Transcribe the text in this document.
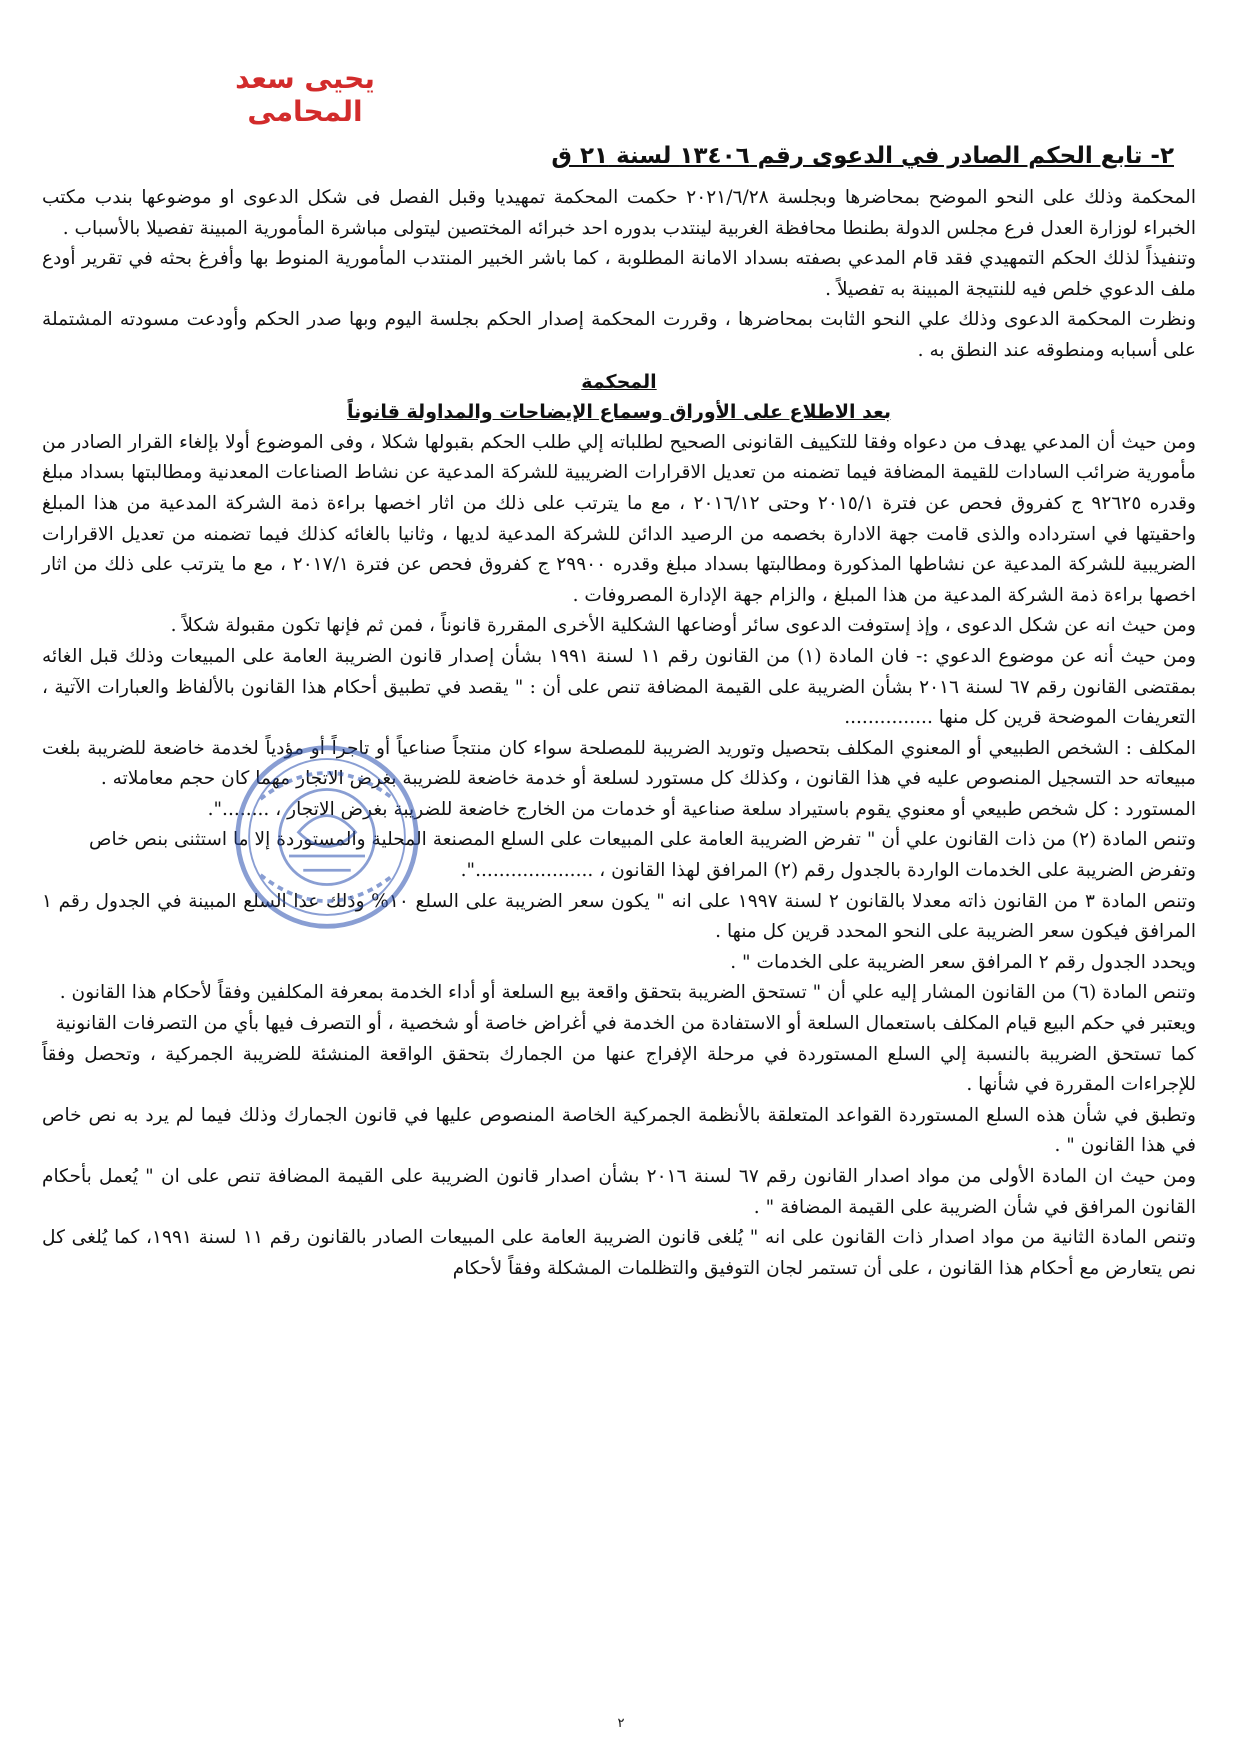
يحيى سعد المحامى
٢- تابع الحكم الصادر في الدعوى رقم ١٣٤٠٦ لسنة ٢١ ق

المحكمة وذلك على النحو الموضح بمحاضرها وبجلسة ٢٠٢١/٦/٢٨ حكمت المحكمة تمهيديا وقبل الفصل فى شكل الدعوى او موضوعها بندب مكتب الخبراء لوزارة العدل فرع مجلس الدولة بطنطا محافظة الغربية لينتدب بدوره احد خبرائه المختصين ليتولى مباشرة المأمورية المبينة تفصيلا بالأسباب .

وتنفيذاً لذلك الحكم التمهيدي فقد قام المدعي بصفته بسداد الامانة المطلوبة ، كما باشر الخبير المنتدب المأمورية المنوط بها وأفرغ بحثه في تقرير أودع ملف الدعوي خلص فيه للنتيجة المبينة به تفصيلاً .

ونظرت المحكمة الدعوى وذلك علي النحو الثابت بمحاضرها ، وقررت المحكمة إصدار الحكم بجلسة اليوم وبها صدر الحكم وأودعت مسودته المشتملة على أسبابه ومنطوقه عند النطق به .

المحكمة

بعد الاطلاع على الأوراق وسماع الإيضاحات والمداولة قانوناً

ومن حيث أن المدعي يهدف من دعواه وفقا للتكييف القانونى الصحيح لطلباته إلي طلب الحكم بقبولها شكلا ، وفى الموضوع أولا بإلغاء القرار الصادر من مأمورية ضرائب السادات للقيمة المضافة فيما تضمنه من تعديل الاقرارات الضريبية للشركة المدعية عن نشاط الصناعات المعدنية ومطالبتها بسداد مبلغ وقدره ٩٢٦٢٥ ج كفروق فحص عن فترة ٢٠١٥/١ وحتى ٢٠١٦/١٢ ، مع ما يترتب على ذلك من اثار اخصها براءة ذمة الشركة المدعية من هذا المبلغ واحقيتها في استرداده والذى قامت جهة الادارة بخصمه من الرصيد الدائن للشركة المدعية لديها ، وثانيا بالغائه كذلك فيما تضمنه من تعديل الاقرارات الضريبية للشركة المدعية عن نشاطها المذكورة ومطالبتها بسداد مبلغ وقدره ٢٩٩٠٠ ج كفروق فحص عن فترة ٢٠١٧/١ ، مع ما يترتب على ذلك من اثار اخصها براءة ذمة الشركة المدعية من هذا المبلغ ، والزام جهة الإدارة المصروفات .

ومن حيث انه عن شكل الدعوى ، وإذ إستوفت الدعوى سائر أوضاعها الشكلية الأخرى المقررة قانوناً ، فمن ثم فإنها تكون مقبولة شكلاً .

ومن حيث أنه عن موضوع الدعوي :- فان المادة (١) من القانون رقم ١١ لسنة ١٩٩١ بشأن إصدار قانون الضريبة العامة على المبيعات وذلك قبل الغائه بمقتضى القانون رقم ٦٧ لسنة ٢٠١٦ بشأن الضريبة على القيمة المضافة تنص على أن : " يقصد في تطبيق أحكام هذا القانون بالألفاظ والعبارات الآتية ، التعريفات الموضحة قرين كل منها ...............

المكلف : الشخص الطبيعي أو المعنوي المكلف بتحصيل وتوريد الضريبة للمصلحة سواء كان منتجاً صناعياً أو تاجراً أو مؤدياً لخدمة خاضعة للضريبة بلغت مبيعاته حد التسجيل المنصوص عليه في هذا القانون ، وكذلك كل مستورد لسلعة أو خدمة خاضعة للضريبة بغرض الاتجار مهما كان حجم معاملاته .

المستورد : كل شخص طبيعي أو معنوي يقوم باستيراد سلعة صناعية أو خدمات من الخارج خاضعة للضريبة بغرض الاتجار ، ........".

وتنص المادة (٢) من ذات القانون علي أن " تفرض الضريبة العامة على المبيعات على السلع المصنعة المحلية والمستوردة إلا ما استثنى بنص خاص

وتفرض الضريبة على الخدمات الواردة بالجدول رقم (٢) المرافق لهذا القانون ، ....................".

وتنص المادة ٣ من القانون ذاته معدلا بالقانون ٢ لسنة ١٩٩٧ على انه " يكون سعر الضريبة على السلع ١٠% وذلك عدا السلع المبينة في الجدول رقم ١ المرافق فيكون سعر الضريبة على النحو المحدد قرين كل منها .

ويحدد الجدول رقم ٢ المرافق سعر الضريبة على الخدمات " .

وتنص المادة (٦) من القانون المشار إليه علي أن " تستحق الضريبة بتحقق واقعة بيع السلعة أو أداء الخدمة بمعرفة المكلفين وفقاً لأحكام هذا القانون .

ويعتبر في حكم البيع قيام المكلف باستعمال السلعة أو الاستفادة من الخدمة في أغراض خاصة أو شخصية ، أو التصرف فيها بأي من التصرفات القانونية

كما تستحق الضريبة بالنسبة إلي السلع المستوردة في مرحلة الإفراج عنها من الجمارك بتحقق الواقعة المنشئة للضريبة الجمركية ، وتحصل وفقاً للإجراءات المقررة في شأنها .

وتطبق في شأن هذه السلع المستوردة القواعد المتعلقة بالأنظمة الجمركية الخاصة المنصوص عليها في قانون الجمارك وذلك فيما لم يرد به نص خاص في هذا القانون " .

ومن حيث ان المادة الأولى من مواد اصدار القانون رقم ٦٧ لسنة ٢٠١٦ بشأن اصدار قانون الضريبة على القيمة المضافة تنص على ان " يُعمل بأحكام القانون المرافق في شأن الضريبة على القيمة المضافة " .

وتنص المادة الثانية من مواد اصدار ذات القانون على انه " يُلغى قانون الضريبة العامة على المبيعات الصادر بالقانون رقم ١١ لسنة ١٩٩١، كما يُلغى كل نص يتعارض مع أحكام هذا القانون ، على أن تستمر لجان التوفيق والتظلمات المشكلة وفقاً لأحكام

٢
